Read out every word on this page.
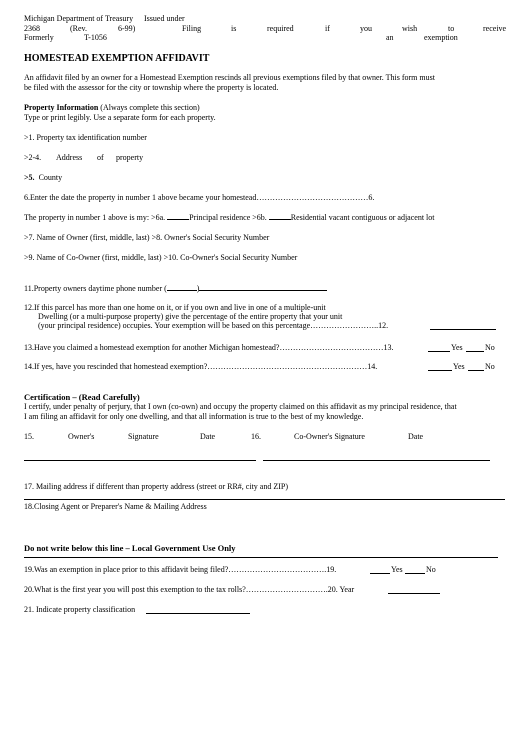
Michigan Department of Treasury Issued under
2368	(Rev.	6-99)	Filing	is	required	if	you	wish	to	receive
Formerly	T-1056	an	exemption
HOMESTEAD EXEMPTION AFFIDAVIT
An affidavit filed by an owner for a Homestead Exemption rescinds all previous exemptions filed by that owner. This form must
be filed with the assessor for the city or township where the property is located.
Property Information (Always complete this section)
Type or print legibly. Use a separate form for each property.
>1. Property tax identification number
>2-4. Address of property
>5. County
6.Enter the date the property in number 1 above became your homestead……………………………………6.
The property in number 1 above is my: >6a.	Principal residence >6b.	Residential vacant contiguous or adjacent lot
>7. Name of Owner (first, middle, last) >8. Owner's Social Security Number
>9. Name of Co-Owner (first, middle, last) >10. Co-Owner's Social Security Number
11.Property owners daytime phone number (	)
12.If this parcel has more than one home on it, or if you own and live in one of a multiple-unit
Dwelling (or a multi-purpose property) give the percentage of the entire property that your unit
(your principal residence) occupies. Your exemption will be based on this percentage……………………..12.
13.Have you claimed a homestead exemption for another Michigan homestead?…………………………………13.	Yes	No
14.If yes, have you rescinded that homestead exemption?……………………………………………………14.	Yes	No
Certification – (Read Carefully)
I certify, under penalty of perjury, that I own (co-own) and occupy the property claimed on this affidavit as my principal residence, that
I am filing an affidavit for only one dwelling, and that all information is true to the best of my knowledge.
15.	Owner's	Signature	Date	16.	Co-Owner's Signature	Date
17. Mailing address if different than property address (street or RR#, city and ZIP)
18.Closing Agent or Preparer's Name & Mailing Address
Do not write below this line – Local Government Use Only
19.Was an exemption in place prior to this affidavit being filed?……………………………….19.	Yes	No
20.What is the first year you will post this exemption to the tax rolls?………………………….20. Year
21. Indicate property classification
